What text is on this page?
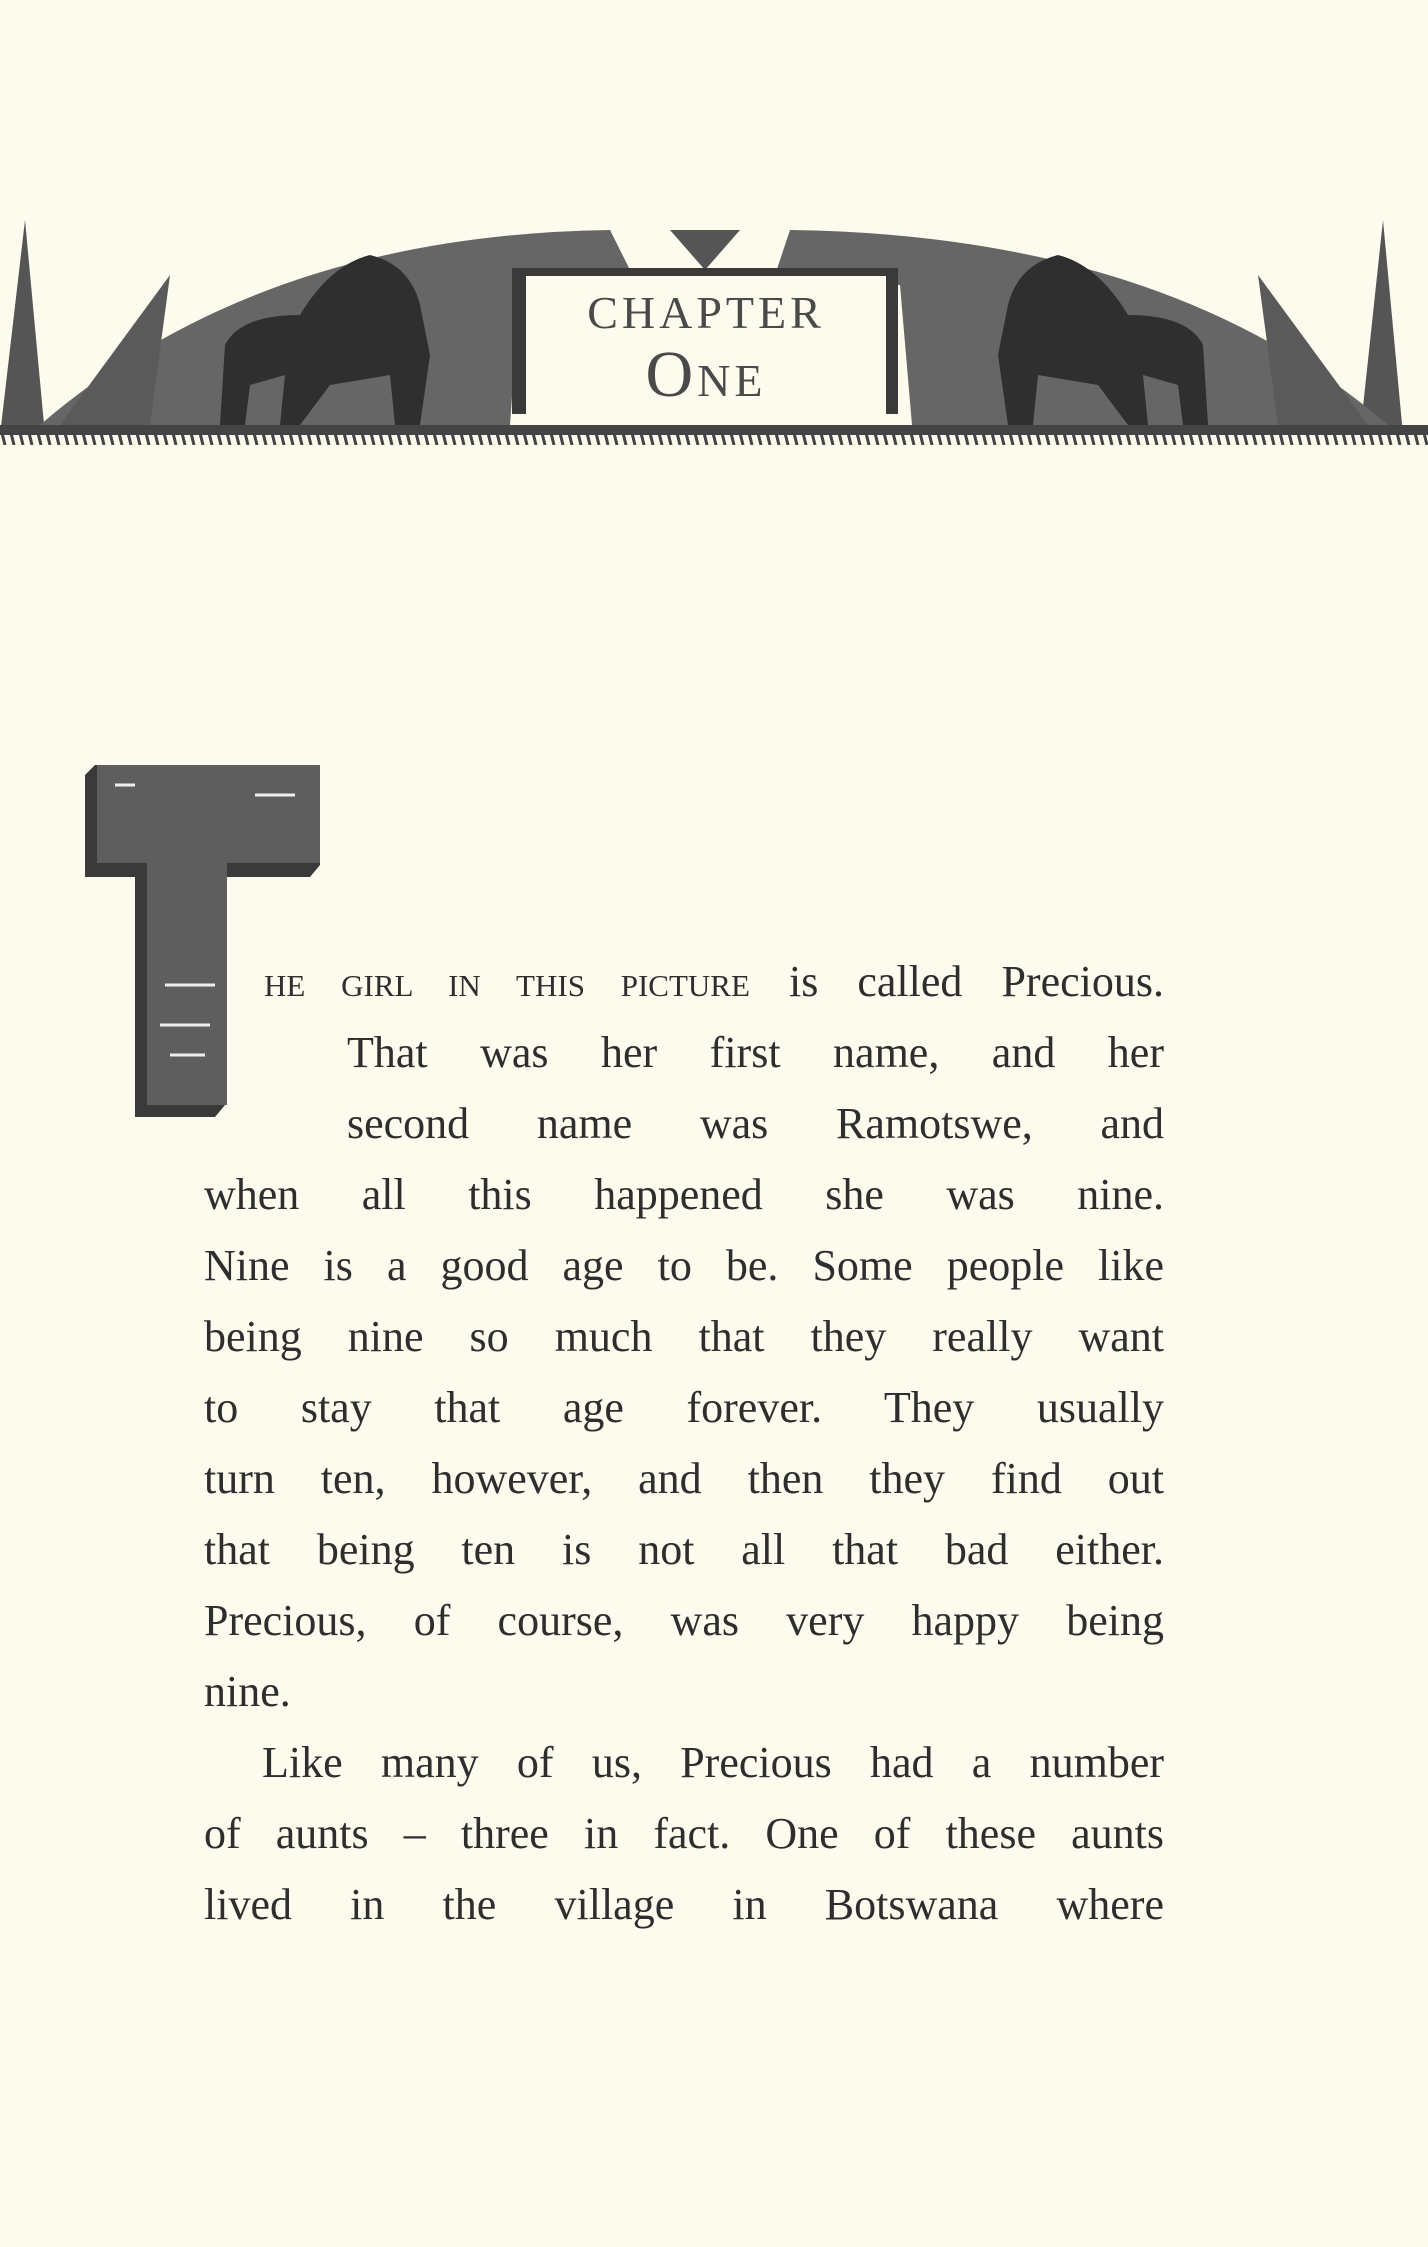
CHAPTER
One
HE GIRL IN THIS PICTURE is called Precious.
That was her first name, and her
second name was Ramotswe, and
when all this happened she was nine.
Nine is a good age to be. Some people like
being nine so much that they really want
to stay that age forever. They usually
turn ten, however, and then they find out
that being ten is not all that bad either.
Precious, of course, was very happy being
nine.
Like many of us, Precious had a number
of aunts – three in fact. One of these aunts
lived in the village in Botswana where
